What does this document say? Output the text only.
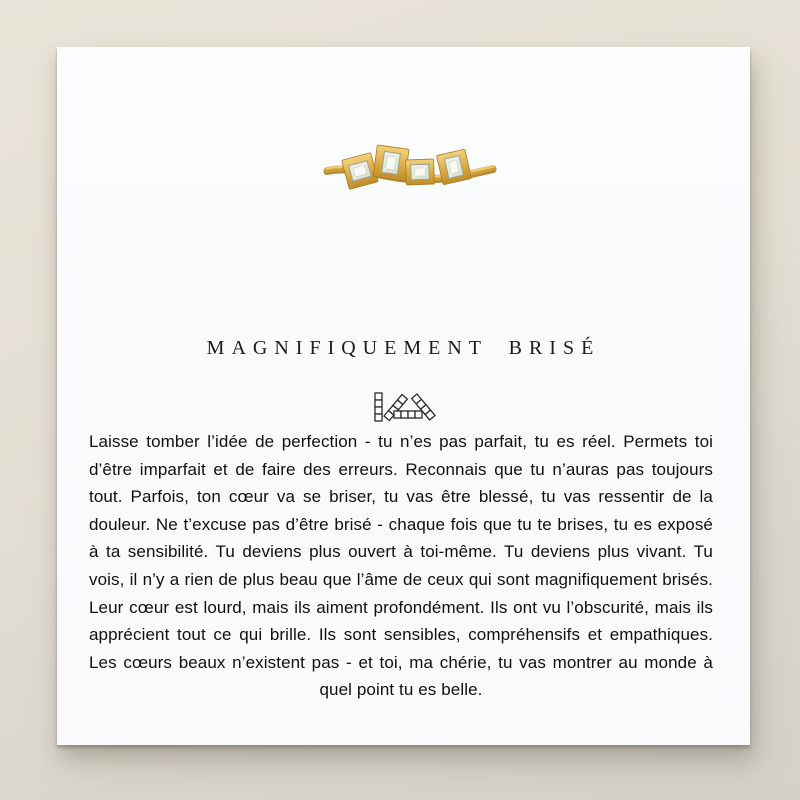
MAGNIFIQUEMENT BRISÉ
Laisse tomber l’idée de perfection - tu n’es pas parfait, tu es réel. Permets toi d’être imparfait et de faire des erreurs. Reconnais que tu n’auras pas toujours tout. Parfois, ton cœur va se briser, tu vas être blessé, tu vas ressentir de la douleur. Ne t’excuse pas d’être brisé - chaque fois que tu te brises, tu es exposé à ta sensibilité. Tu deviens plus ouvert à toi-même. Tu deviens plus vivant. Tu vois, il n’y a rien de plus beau que l’âme de ceux qui sont magnifiquement brisés. Leur cœur est lourd, mais ils aiment profondément. Ils ont vu l’obscurité, mais ils apprécient tout ce qui brille. Ils sont sensibles, compréhensifs et empathiques. Les cœurs beaux n’existent pas - et toi, ma chérie, tu vas montrer au monde à quel point tu es belle.
